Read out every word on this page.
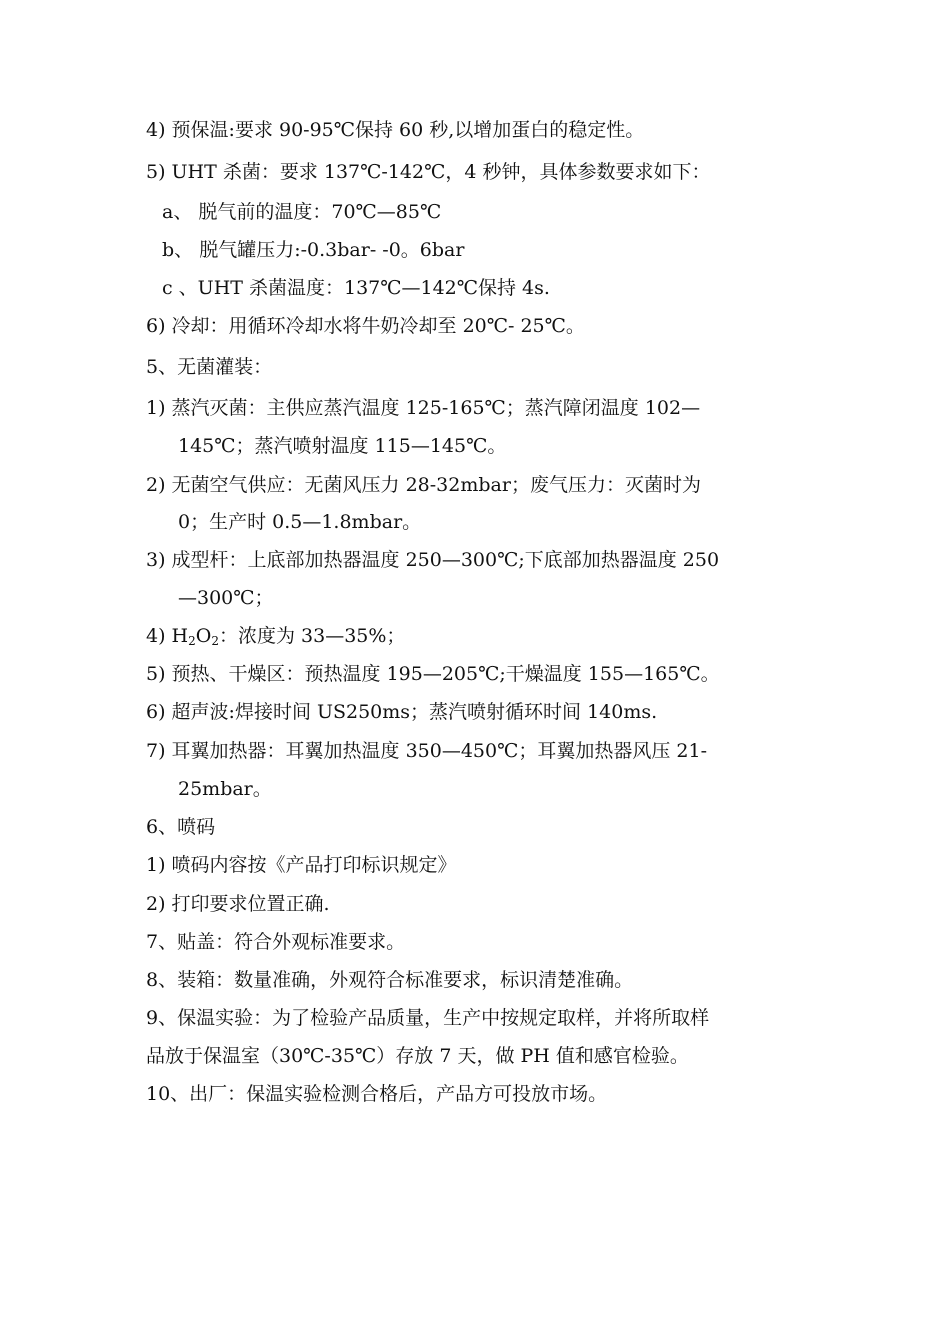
4) 预保温:要求 90-95℃保持 60 秒,以增加蛋白的稳定性。
5) UHT 杀菌：要求 137℃-142℃，4 秒钟，具体参数要求如下：
a、 脱气前的温度：70℃—85℃
b、 脱气罐压力:-0.3bar- -0。6bar
c 、UHT 杀菌温度：137℃—142℃保持 4s.
6) 冷却：用循环冷却水将牛奶冷却至 20℃- 25℃。
5、无菌灌装：
1) 蒸汽灭菌：主供应蒸汽温度 125-165℃；蒸汽障闭温度 102—
145℃；蒸汽喷射温度 115—145℃。
2) 无菌空气供应：无菌风压力 28-32mbar；废气压力：灭菌时为
0；生产时 0.5—1.8mbar。
3) 成型杆：上底部加热器温度 250—300℃;下底部加热器温度 250
—300℃；
4) $H_2O_2$：浓度为 33—35%；
5) 预热、干燥区：预热温度 195—205℃;干燥温度 155—165℃。
6) 超声波:焊接时间 US250ms；蒸汽喷射循环时间 140ms.
7) 耳翼加热器：耳翼加热温度 350—450℃；耳翼加热器风压 21-
25mbar。
6、喷码
1) 喷码内容按《产品打印标识规定》
2) 打印要求位置正确.
7、贴盖：符合外观标准要求。
8、装箱：数量准确，外观符合标准要求，标识清楚准确。
9、保温实验：为了检验产品质量，生产中按规定取样，并将所取样
品放于保温室（30℃-35℃）存放 7 天，做 PH 值和感官检验。
10、出厂：保温实验检测合格后，产品方可投放市场。
